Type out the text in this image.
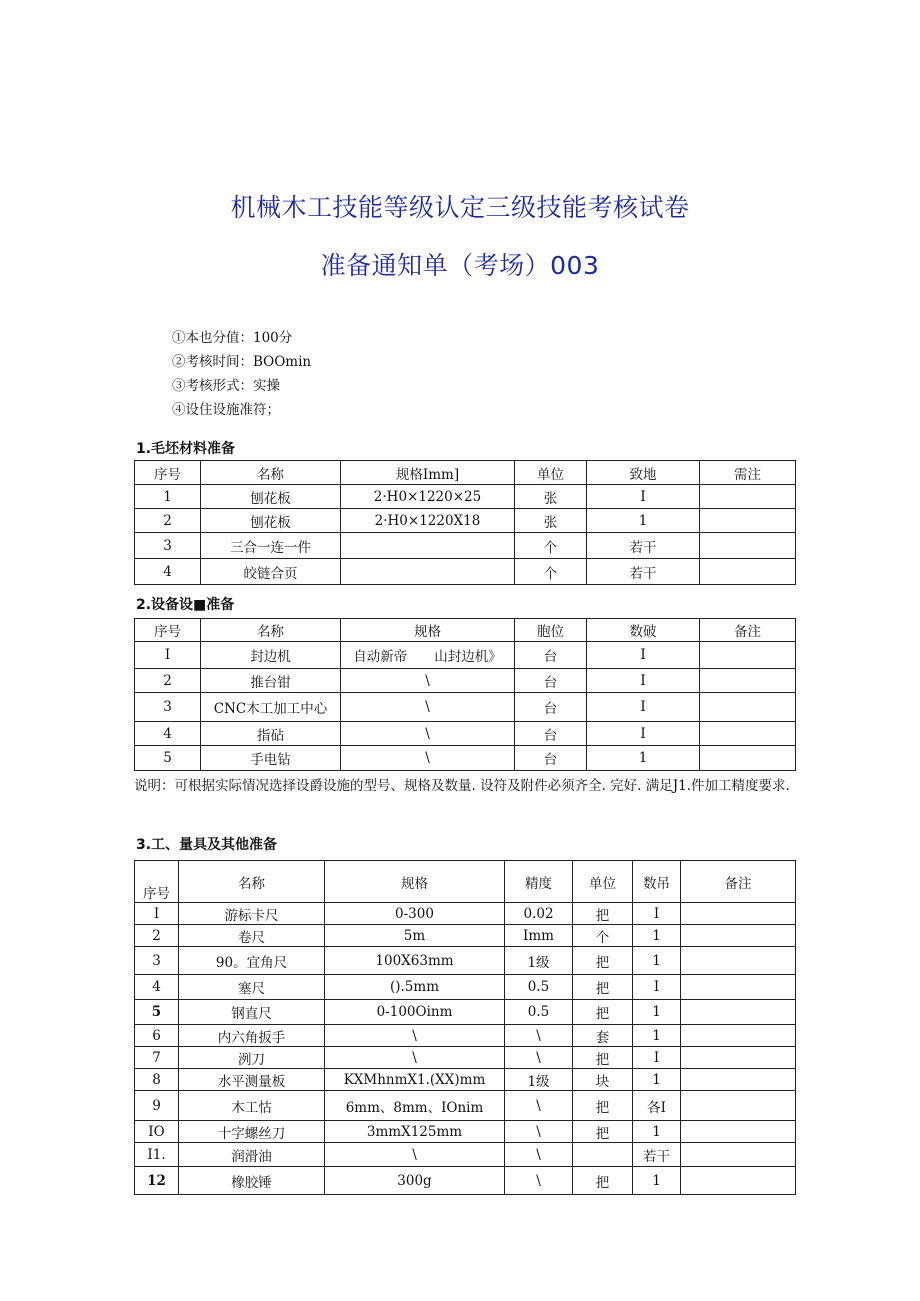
机械木工技能等级认定三级技能考核试卷
准备通知单（考场）003
①本也分值：100分
②考核时间：BOOmin
③考核形式：实操
④设住设施准符；
1.毛坯材料准备
序号	名称	规格Imm]	单位	致地	需注
1	刨花板	2·H0×1220×25	张	I	
2	刨花板	2·H0×1220X18	张	1	
3	三合一连一件		个	若干	
4	皎链合页		个	若干	
2.设备设■准备
序号	名称	规格	胞位	数破	备注
I	封边机	自动新帝　　山封边机》	台	I	
2	推台钳	\	台	I	
3	CNC木工加工中心	\	台	I	
4	指砧	\	台	I	
5	手电钻	\	台	1	
说明：可根据实际情况选择设爵设施的型号、规格及数量. 设符及附件必须齐全. 完好. 满足J1.件加工精度要求.
3.工、量具及其他准备
序号	名称	规格	精度	单位	数吊	备注
I	游标卡尺	0-300	0.02	把	I	
2	卷尺	5m	Imm	个	1	
3	90。宜角尺	100X63mm	1级	把	1	
4	塞尺	().5mm	0.5	把	I	
5	钢直尺	0-100Oinm	0.5	把	1	
6	内六角扳手	\	\	套	1	
7	洌刀	\	\	把	I	
8	水平测量板	KXMhnmX1.(XX)mm	1级	块	1	
9	木工怙	6mm、8mm、IOnim	\	把	各I	
IO	十字螺丝刀	3mmX125mm	\	把	1	
I1.	润滑油	\	\		若干	
12	橡胶锤	300g	\	把	1	
